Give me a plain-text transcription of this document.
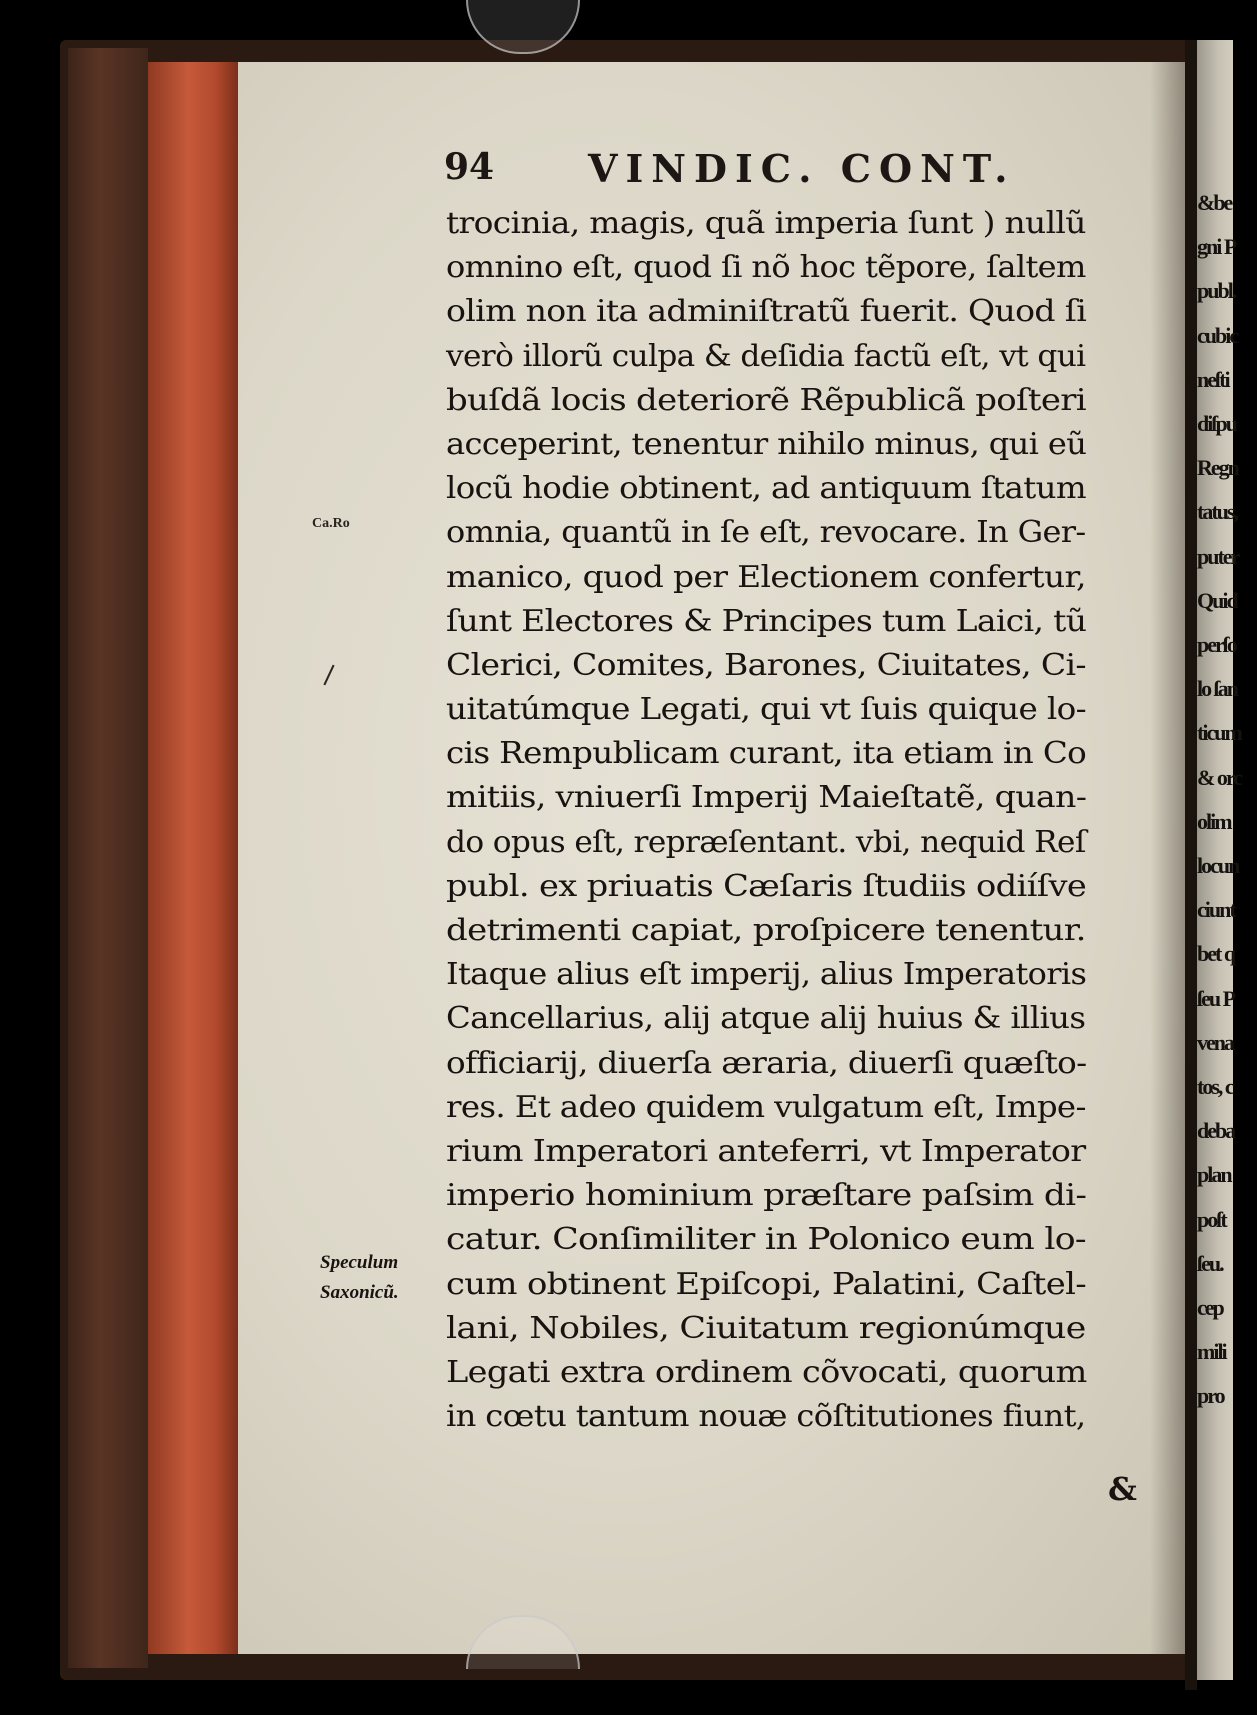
&be
gni P
publ.
cubic
neſti
diſpu
Regn
tatus,
puter
Quid
perſo
lo ſan
ticum
& orc
olim
locun
ciunt
bet q
ſeu P
vena
tos, c
deba
plan
poſt
ſeu.
cep
mili
pro
94 VINDIC. CONT.
trocinia, magis, quã imperia ſunt ) nullũ
omnino eſt, quod ſi nõ hoc tẽpore, ſaltem
olim non ita adminiſtratũ fuerit. Quod ſi
verò illorũ culpa & deſidia factũ eſt, vt qui
buſdã locis deteriorẽ Rẽpublicã poſteri
acceperint, tenentur nihilo minus, qui eũ
locũ hodie obtinent, ad antiquum ſtatum
omnia, quantũ in ſe eſt, revocare. In Ger-
manico, quod per Electionem confertur,
ſunt Electores & Principes tum Laici, tũ
Clerici, Comites, Barones, Ciuitates, Ci-
uitatúmque Legati, qui vt ſuis quique lo-
cis Rempublicam curant, ita etiam in Co
mitiis, vniuerſi Imperij Maieſtatẽ, quan-
do opus eſt, repræſentant. vbi, nequid Reſ
publ. ex priuatis Cæſaris ſtudiis odiíſve
detrimenti capiat, proſpicere tenentur.
Itaque alius eſt imperij, alius Imperatoris
Cancellarius, alij atque alij huius & illius
officiarij, diuerſa æraria, diuerſi quæſto-
res. Et adeo quidem vulgatum eſt, Impe-
rium Imperatori anteferri, vt Imperator
imperio hominium præſtare paſsim di-
catur. Conſimiliter in Polonico eum lo-
cum obtinent Epiſcopi, Palatini, Caſtel-
lani, Nobiles, Ciuitatum regionúmque
Legati extra ordinem cõvocati, quorum
in cœtu tantum nouæ cõſtitutiones fiunt,
&
Speculum
Saxonicũ.
Ca.Ro
